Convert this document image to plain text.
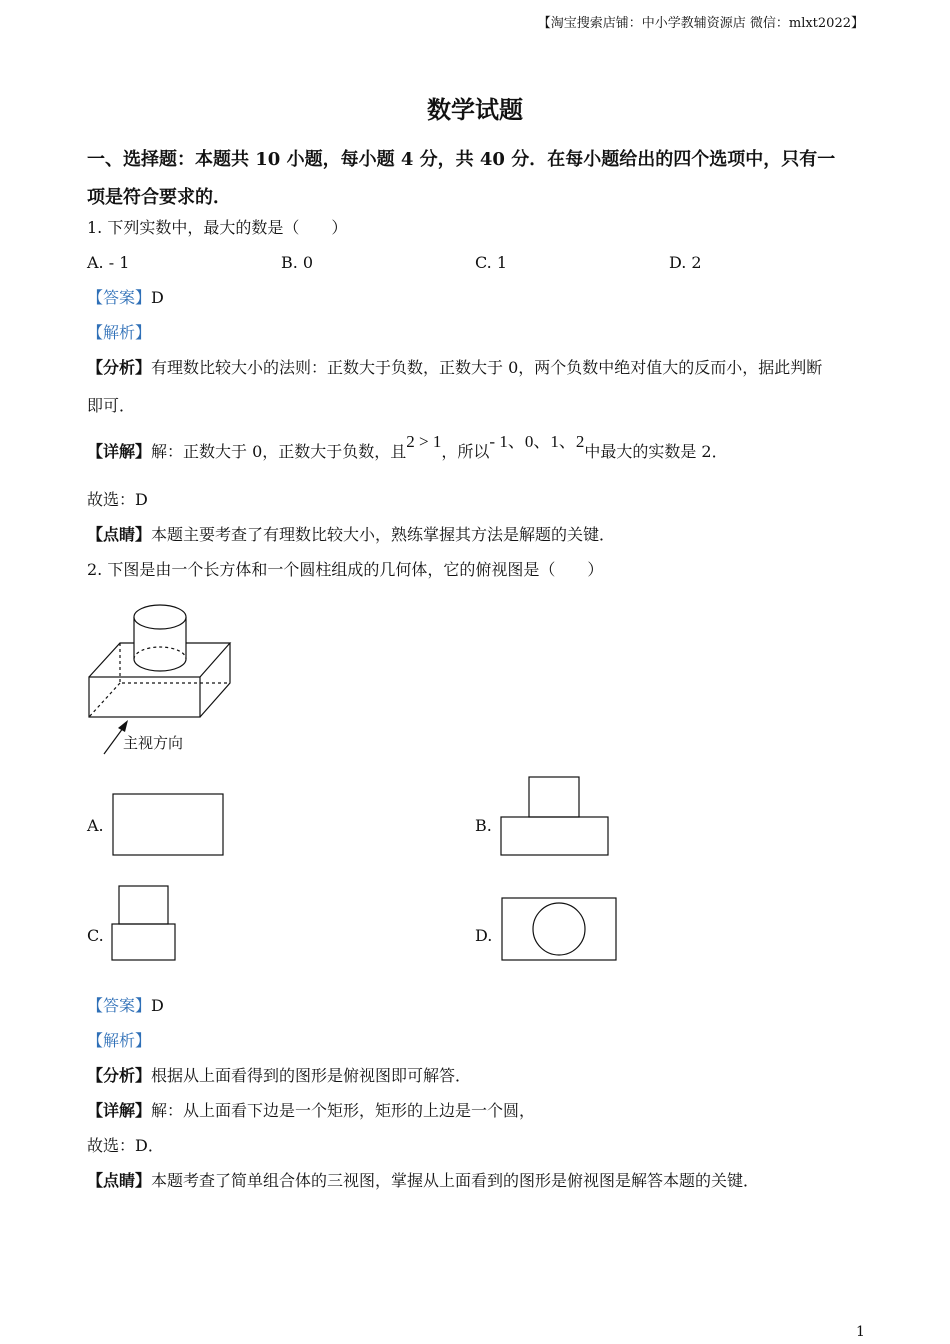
【淘宝搜索店铺：中小学教辅资源店 微信：mlxt2022】
数学试题
一、选择题：本题共 10 小题，每小题 4 分，共 40 分．在每小题给出的四个选项中，只有一
项是符合要求的．
1. 下列实数中，最大的数是（　　）
A. - 1	B. 0	C. 1	D. 2
【答案】D
【解析】
【分析】有理数比较大小的法则：正数大于负数，正数大于 0，两个负数中绝对值大的反而小，据此判断
即可．
【详解】解：正数大于 0，正数大于负数，且2 > 1，所以- 1、0、1、2中最大的实数是 2．
故选：D
【点睛】本题主要考查了有理数比较大小，熟练掌握其方法是解题的关键．
2. 下图是由一个长方体和一个圆柱组成的几何体，它的俯视图是（　　）
主视方向
A.	B.
C.	D.
【答案】D
【解析】
【分析】根据从上面看得到的图形是俯视图即可解答．
【详解】解：从上面看下边是一个矩形，矩形的上边是一个圆，
故选：D．
【点睛】本题考查了简单组合体的三视图，掌握从上面看到的图形是俯视图是解答本题的关键．
1
